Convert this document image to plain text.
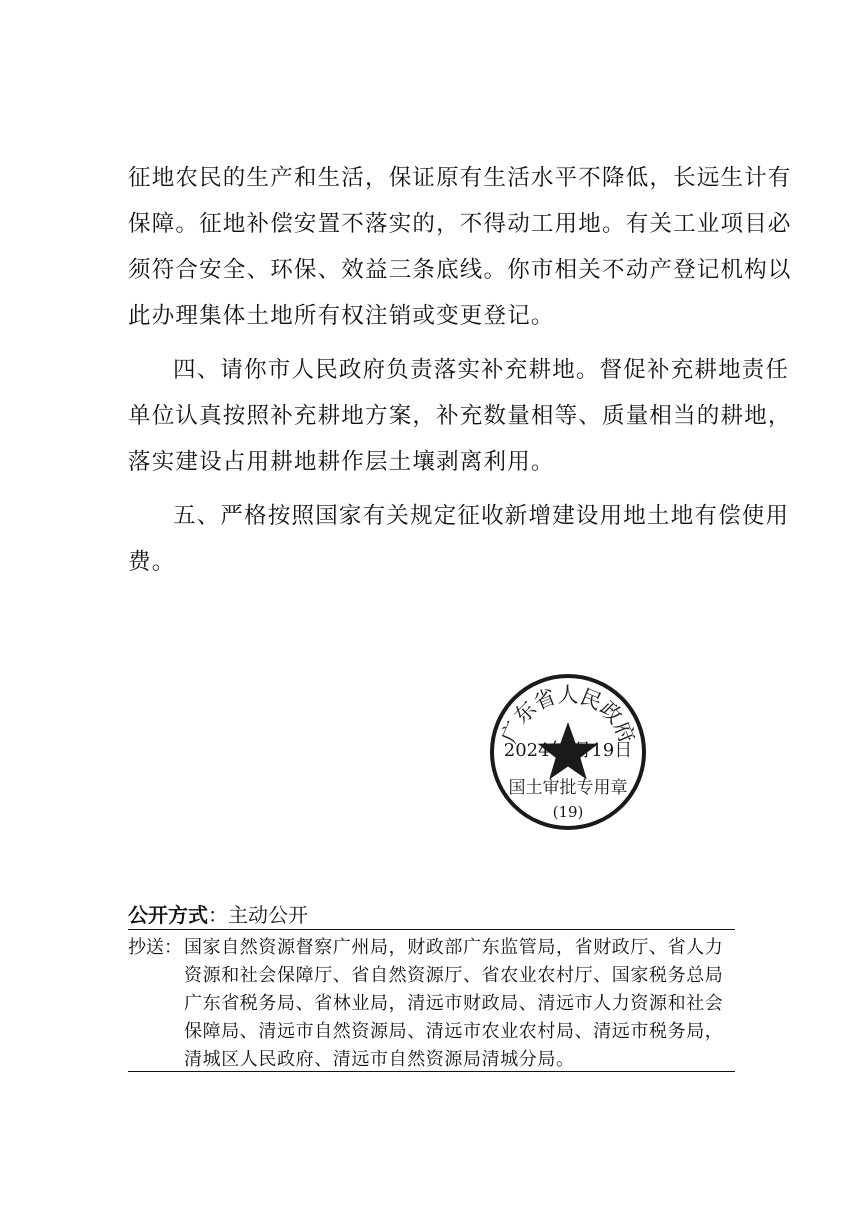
征地农民的生产和生活，保证原有生活水平不降低，长远生计有
保障。征地补偿安置不落实的，不得动工用地。有关工业项目必
须符合安全、环保、效益三条底线。你市相关不动产登记机构以
此办理集体土地所有权注销或变更登记。
四、请你市人民政府负责落实补充耕地。督促补充耕地责任
单位认真按照补充耕地方案，补充数量相等、质量相当的耕地，
落实建设占用耕地耕作层土壤剥离利用。
五、严格按照国家有关规定征收新增建设用地土地有偿使用
费。
广东省人民政府
2024年 月19日
国土审批专用章
(19)
公开方式：主动公开
抄送： 国家自然资源督察广州局，财政部广东监管局，省财政厅、省人力
资源和社会保障厅、省自然资源厅、省农业农村厅、国家税务总局
广东省税务局、省林业局，清远市财政局、清远市人力资源和社会
保障局、清远市自然资源局、清远市农业农村局、清远市税务局，
清城区人民政府、清远市自然资源局清城分局。
